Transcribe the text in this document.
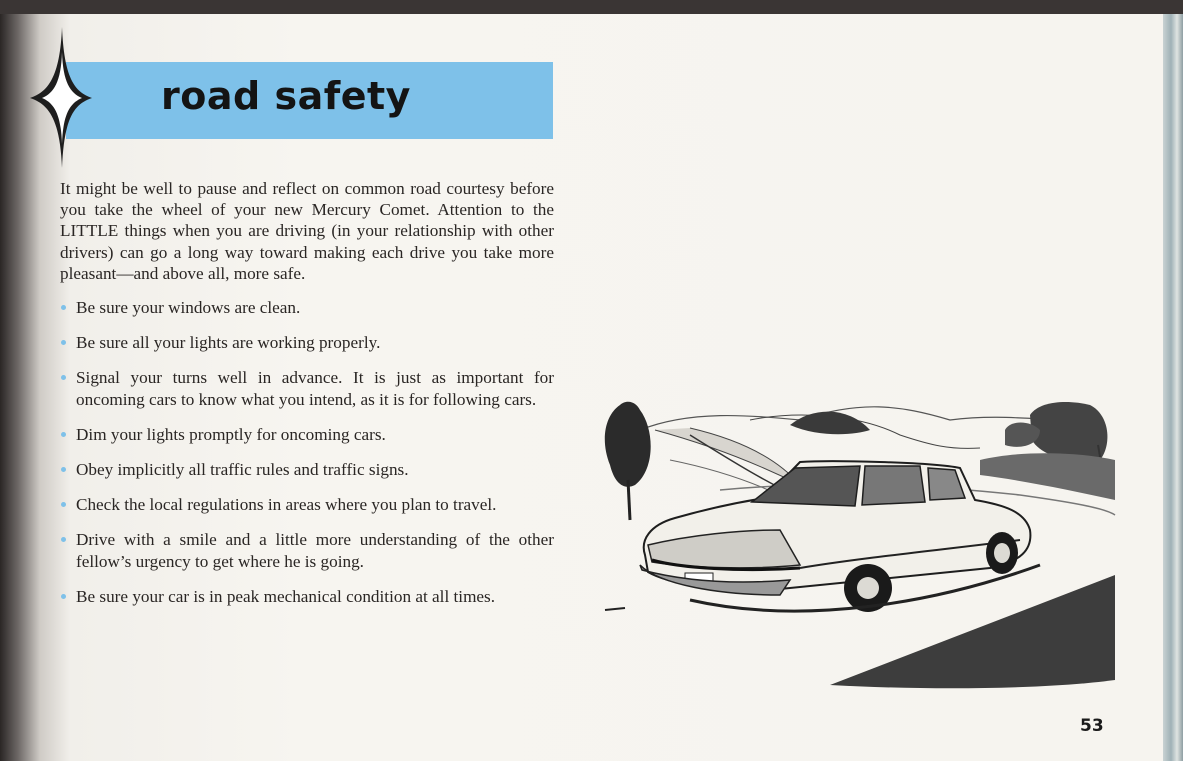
road safety

It might be well to pause and reflect on common road courtesy before you take the wheel of your new Mercury Comet. Attention to the LITTLE things when you are driving (in your relationship with other drivers) can go a long way toward making each drive you take more pleasant—and above all, more safe.

Be sure your windows are clean.
Be sure all your lights are working properly.
Signal your turns well in advance. It is just as important for oncoming cars to know what you intend, as it is for following cars.
Dim your lights promptly for oncoming cars.
Obey implicitly all traffic rules and traffic signs.
Check the local regulations in areas where you plan to travel.
Drive with a smile and a little more understanding of the other fellow’s urgency to get where he is going.
Be sure your car is in peak mechanical condition at all times.
53
